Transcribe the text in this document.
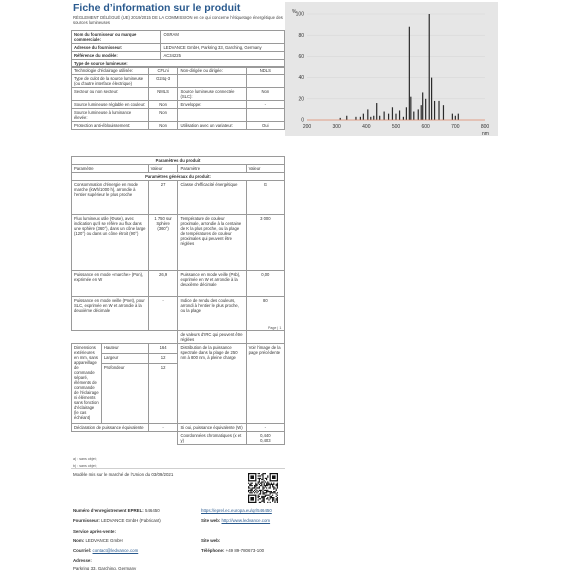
Fiche d’information sur le produit
RÈGLEMENT DÉLÉGUÉ (UE) 2019/2015 DE LA COMMISSION en ce qui concerne l’étiquetage énergétique des sources lumineuses
Nom du fournisseur ou marque commerciale:	OSRAM
Adresse du fournisseur:	LEDVANCE GmbH, Parkring 33, Garching, Germany
Référence du modèle:	AC34225
Type de source lumineuse:	
Technologie d’éclairage utilisée:	CFLni	Non-dirigée ou dirigée:	NDLS
Type de culot de la source lumineuse (ou d’autre interface électrique)	G24q-3		
Secteur ou non secteur:	NMLS	Source lumineuse connectée (SLC):	Non
Source lumineuse réglable en couleur:	Non	Enveloppe:	-
Source lumineuse à luminance élevée:	Non		
Protection anti-éblouissement:	Non	Utilisation avec un variateur:	Oui
Paramètres du produit			
Paramètre	Valeur	Paramètre	Valeur
Paramètres généraux du produit:			
Consommation d’énergie en mode marche (kWh/1000 h), arrondie à l’entier supérieur le plus proche	27	Classe d’efficacité énergétique	G
Flux lumineux utile (Φuse), avec indication qu’il se réfère au flux dans une sphère (360°), dans un cône large (120°) ou dans un cône étroit (90°)	1 750 sur Sphère (360°)	Température de couleur proximale, arrondie à la centaine de K la plus proche, ou la plage de températures de couleur proximales qui peuvent être réglées	3 000
Puissance en mode «marche» (Pon), exprimée en W	26,9	Puissance en mode veille (Psb), exprimée en W et arrondie à la deuxième décimale	0,00
Puissance en mode veille (Pnet), pour SLC, exprimée en W et arrondie à la deuxième décimale	-	Indice de rendu des couleurs, arrondi à l’entier le plus proche, ou la plage	80
0
20
40
60
80
100
200	300	400	500	600	700	800
%
nm
Page | 1
			de valeurs d’IRC qui peuvent être réglées	
Dimensions extérieures en mm, sans appareillage de commande séparé, éléments de commande de l’éclairage ni éléments sans fonction d’éclairage (le cas échéant)	Hauteur	164	Distribution de la puissance spectrale dans la plage de 250 nm à 800 nm, à pleine charge	Voir l’image de la page précédente
	Largeur	12		
	Profondeur	12		
Déclaration de puissance équivalente		-	Si oui, puissance équivalente (W)	-
			Coordonnées chromatiques (x et y)	0,440
0,403
a) : sans objet;
b) : sans objet;
Modèle mis sur le marché de l’Union du 03/09/2021
Numéro d’enregistrement EPREL: 546450	https://eprel.ec.europa.eu/qr/546450
Fournisseur: LEDVANCE GmbH (Fabricant)	Site web: http://www.ledvance.com
Service après-vente:
Nom: LEDVANCE GmbH	Site web:
Courriel: contact@ledvance.com	Téléphone: +49 89-780673-100
Adresse:
Parkring 33, Garching, Germany
